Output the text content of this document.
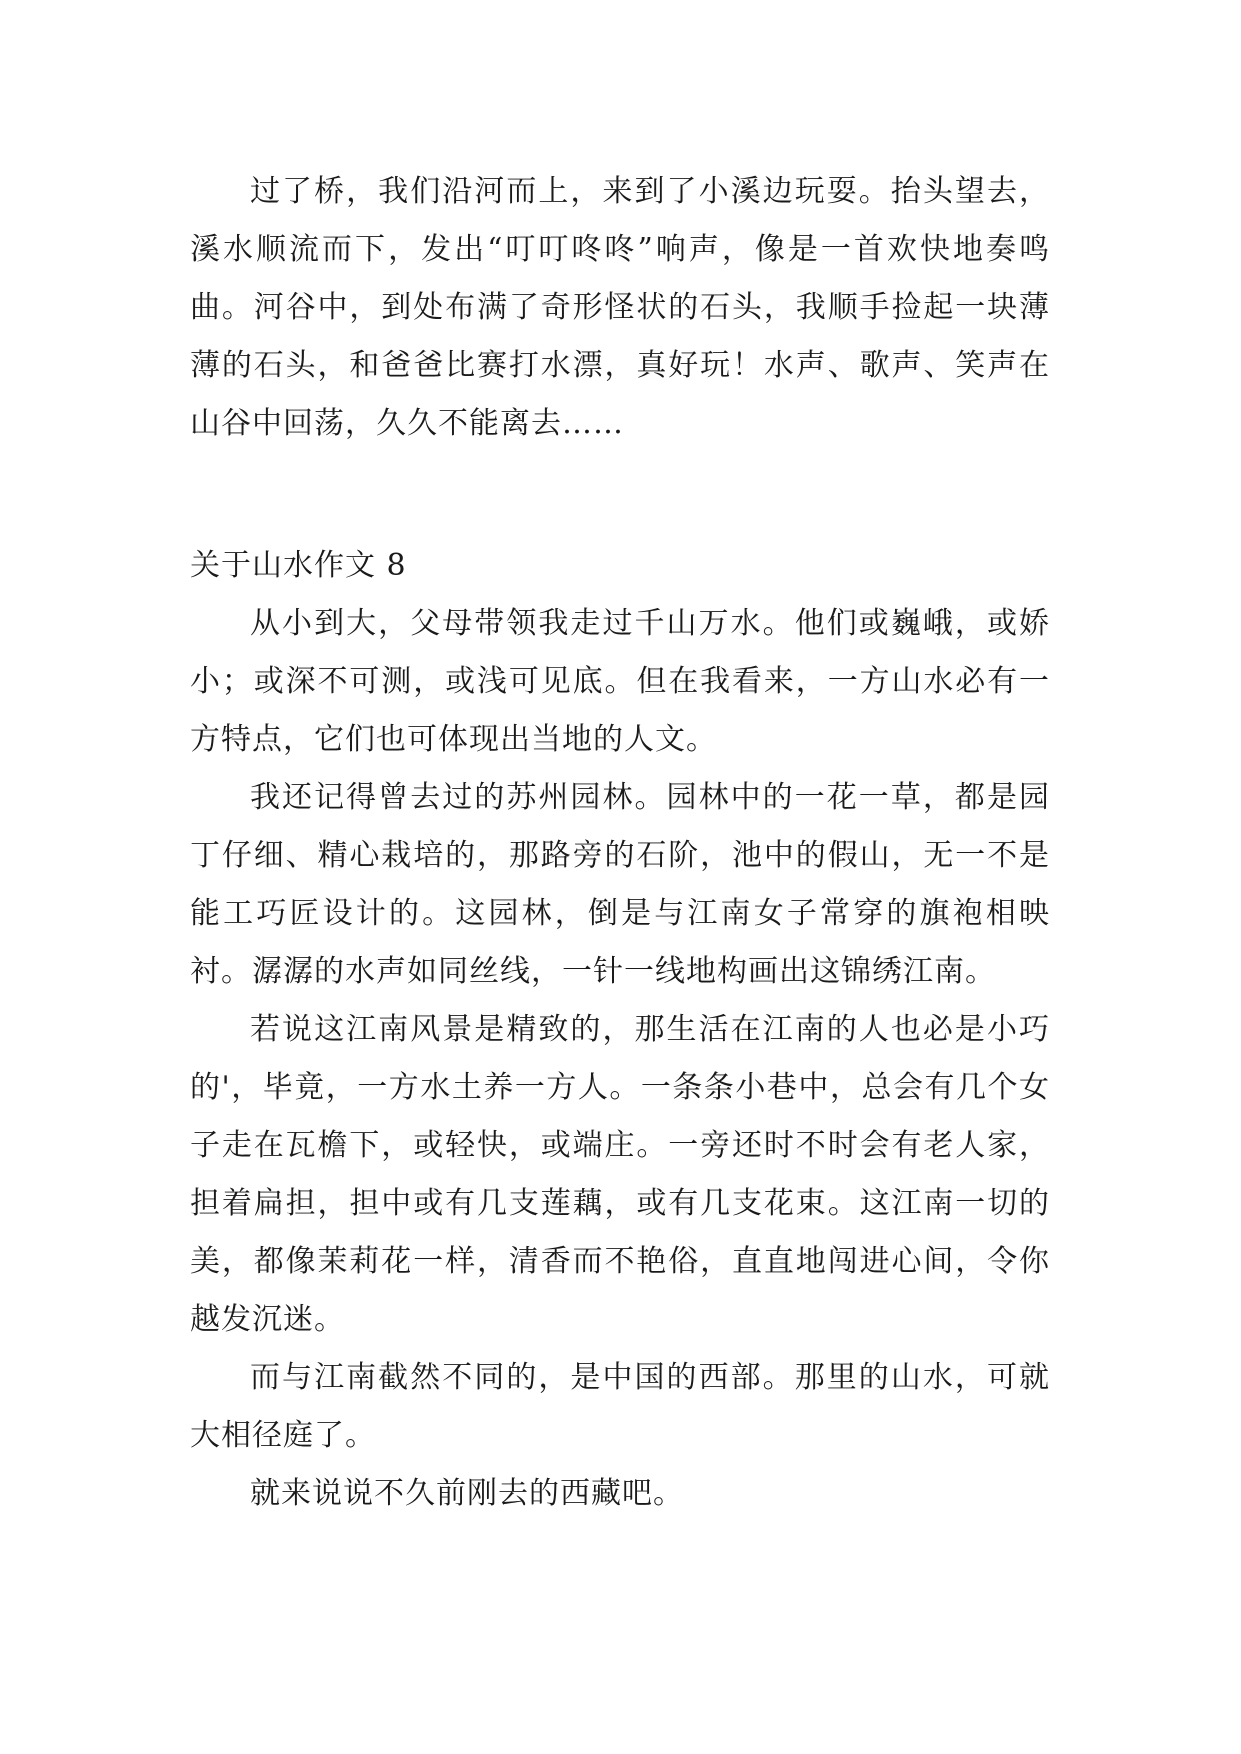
过了桥，我们沿河而上，来到了小溪边玩耍。抬头望去，溪水顺流而下，发出“叮叮咚咚”响声，像是一首欢快地奏鸣曲。河谷中，到处布满了奇形怪状的石头，我顺手捡起一块薄薄的石头，和爸爸比赛打水漂，真好玩！水声、歌声、笑声在山谷中回荡，久久不能离去……

关于山水作文 8

从小到大，父母带领我走过千山万水。他们或巍峨，或娇小；或深不可测，或浅可见底。但在我看来，一方山水必有一方特点，它们也可体现出当地的人文。

我还记得曾去过的苏州园林。园林中的一花一草，都是园丁仔细、精心栽培的，那路旁的石阶，池中的假山，无一不是能工巧匠设计的。这园林，倒是与江南女子常穿的旗袍相映衬。潺潺的水声如同丝线，一针一线地构画出这锦绣江南。

若说这江南风景是精致的，那生活在江南的人也必是小巧的'，毕竟，一方水土养一方人。一条条小巷中，总会有几个女子走在瓦檐下，或轻快，或端庄。一旁还时不时会有老人家，担着扁担，担中或有几支莲藕，或有几支花束。这江南一切的美，都像茉莉花一样，清香而不艳俗，直直地闯进心间，令你越发沉迷。

而与江南截然不同的，是中国的西部。那里的山水，可就大相径庭了。

就来说说不久前刚去的西藏吧。
